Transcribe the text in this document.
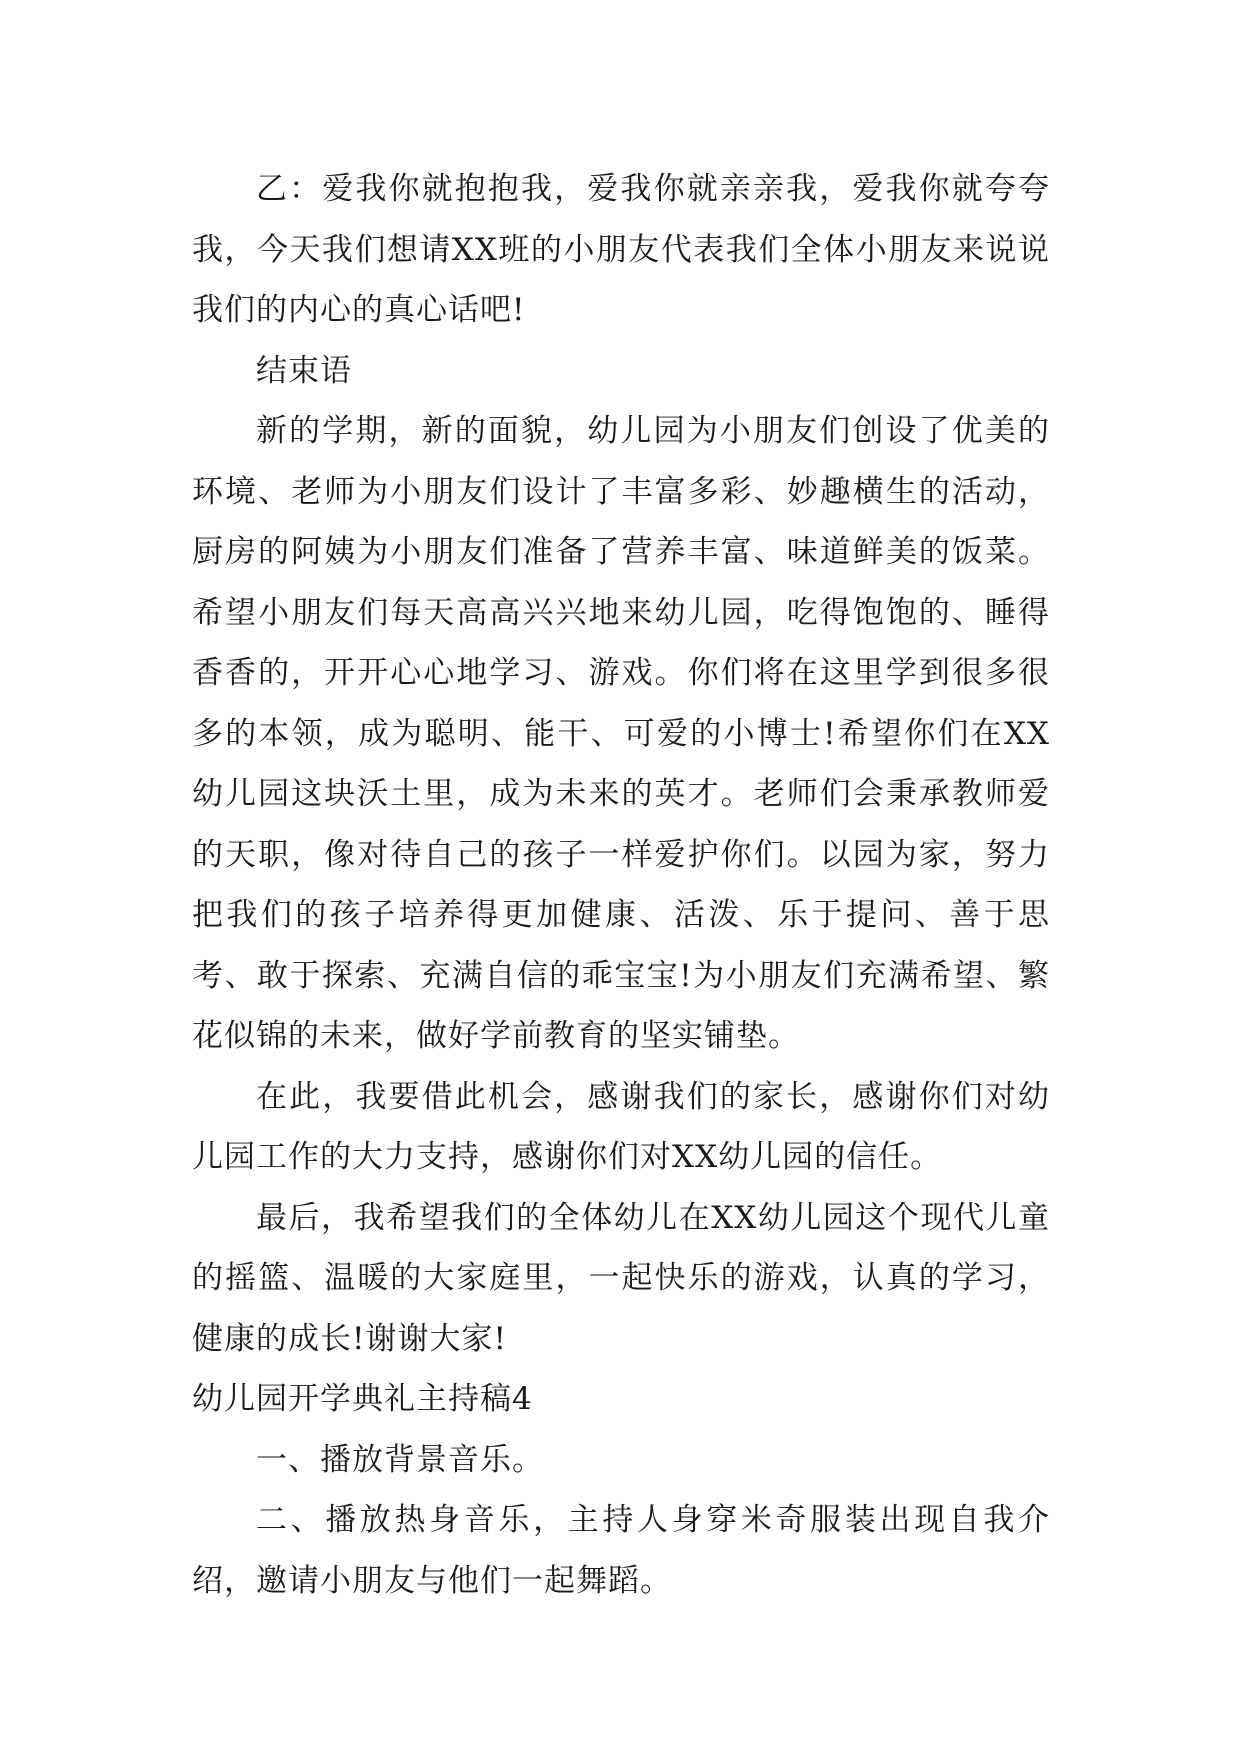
乙：爱我你就抱抱我，爱我你就亲亲我，爱我你就夸夸我，今天我们想请XX班的小朋友代表我们全体小朋友来说说我们的内心的真心话吧!

结束语

新的学期，新的面貌，幼儿园为小朋友们创设了优美的环境、老师为小朋友们设计了丰富多彩、妙趣横生的活动，厨房的阿姨为小朋友们准备了营养丰富、味道鲜美的饭菜。希望小朋友们每天高高兴兴地来幼儿园，吃得饱饱的、睡得香香的，开开心心地学习、游戏。你们将在这里学到很多很多的本领，成为聪明、能干、可爱的小博士!希望你们在XX幼儿园这块沃土里，成为未来的英才。老师们会秉承教师爱的天职，像对待自己的孩子一样爱护你们。以园为家，努力把我们的孩子培养得更加健康、活泼、乐于提问、善于思考、敢于探索、充满自信的乖宝宝!为小朋友们充满希望、繁花似锦的未来，做好学前教育的坚实铺垫。

在此，我要借此机会，感谢我们的家长，感谢你们对幼儿园工作的大力支持，感谢你们对XX幼儿园的信任。

最后，我希望我们的全体幼儿在XX幼儿园这个现代儿童的摇篮、温暖的大家庭里，一起快乐的游戏，认真的学习，健康的成长!谢谢大家!

幼儿园开学典礼主持稿4

一、播放背景音乐。

二、播放热身音乐，主持人身穿米奇服装出现自我介绍，邀请小朋友与他们一起舞蹈。
